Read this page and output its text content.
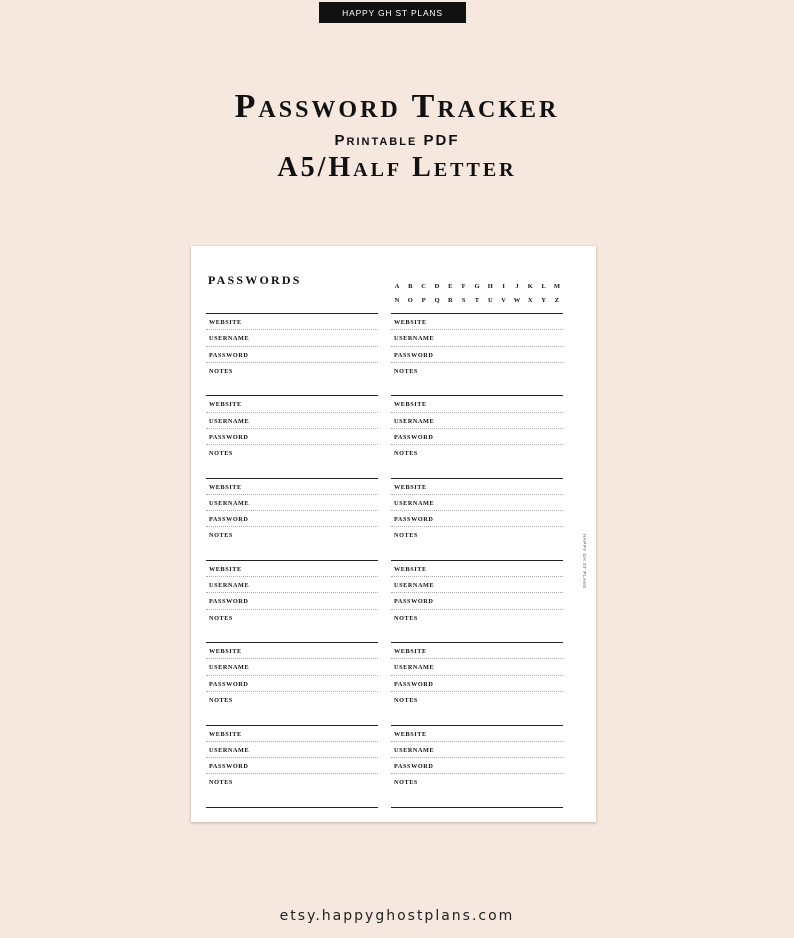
HAPPY GH ST PLANS
Password Tracker
Printable PDF
A5/Half Letter
PASSWORDS	A	B	C	D	E	F	G	H	I	J	K	L	M
N	O	P	Q	R	S	T	U	V	W	X	Y	Z
WEBSITE
USERNAME
PASSWORD
NOTES
WEBSITE
USERNAME
PASSWORD
NOTES
WEBSITE
USERNAME
PASSWORD
NOTES
WEBSITE
USERNAME
PASSWORD
NOTES
WEBSITE
USERNAME
PASSWORD
NOTES
WEBSITE
USERNAME
PASSWORD
NOTES
WEBSITE
USERNAME
PASSWORD
NOTES
WEBSITE
USERNAME
PASSWORD
NOTES
WEBSITE
USERNAME
PASSWORD
NOTES
WEBSITE
USERNAME
PASSWORD
NOTES
WEBSITE
USERNAME
PASSWORD
NOTES
WEBSITE
USERNAME
PASSWORD
NOTES
HAPPY GH ST PLANS
etsy.happyghostplans.com
